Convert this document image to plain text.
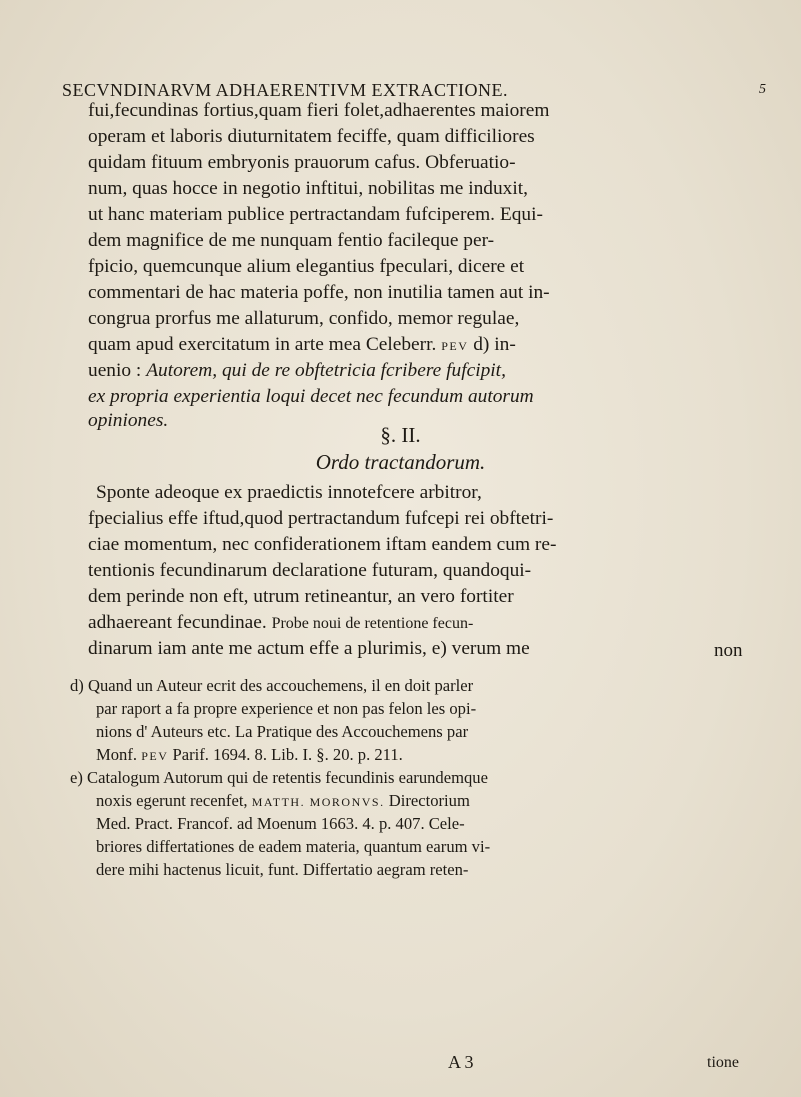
SECVNDINARVM ADHAERENTIVM EXTRACTIONE.	5
fui,fecundinas fortius,quam fieri folet,adhaerentes maiorem
operam et laboris diuturnitatem feciffe, quam difficiliores
quidam fituum embryonis prauorum cafus. Obferuatio-
num, quas hocce in negotio inftitui, nobilitas me induxit,
ut hanc materiam publice pertractandam fufciperem. Equi-
dem magnifice de me nunquam fentio facileque per-
fpicio, quemcunque alium elegantius fpeculari, dicere et
commentari de hac materia poffe, non inutilia tamen aut in-
congrua prorfus me allaturum, confido, memor regulae,
quam apud exercitatum in arte mea Celeberr. PEV d) in-
uenio : Autorem, qui de re obftetricia fcribere fufcipit,
ex propria experientia loqui decet nec fecundum autorum
opiniones.
§. II.
Ordo tractandorum.
Sponte adeoque ex praedictis innotefcere arbitror,
fpecialius effe iftud,quod pertractandum fufcepi rei obftetri-
ciae momentum, nec confiderationem iftam eandem cum re-
tentionis fecundinarum declaratione futuram, quandoqui-
dem perinde non eft, utrum retineantur, an vero fortiter
adhaereant fecundinae. Probe noui de retentione fecun-
dinarum iam ante me actum effe a plurimis, e) verum me	non
d) Quand un Auteur ecrit des accouchemens, il en doit parler
par raport a fa propre experience et non pas felon les opi-
nions d' Auteurs etc. La Pratique des Accouchemens par
Monf. PEV Parif. 1694. 8. Lib. I. §. 20. p. 211.
e) Catalogum Autorum qui de retentis fecundinis earundemque
noxis egerunt recenfet, MATTH. MORONVS. Directorium
Med. Pract. Francof. ad Moenum 1663. 4. p. 407. Cele-
briores differtationes de eadem materia, quantum earum vi-
dere mihi hactenus licuit, funt. Differtatio aegram reten-
A 3	tione
